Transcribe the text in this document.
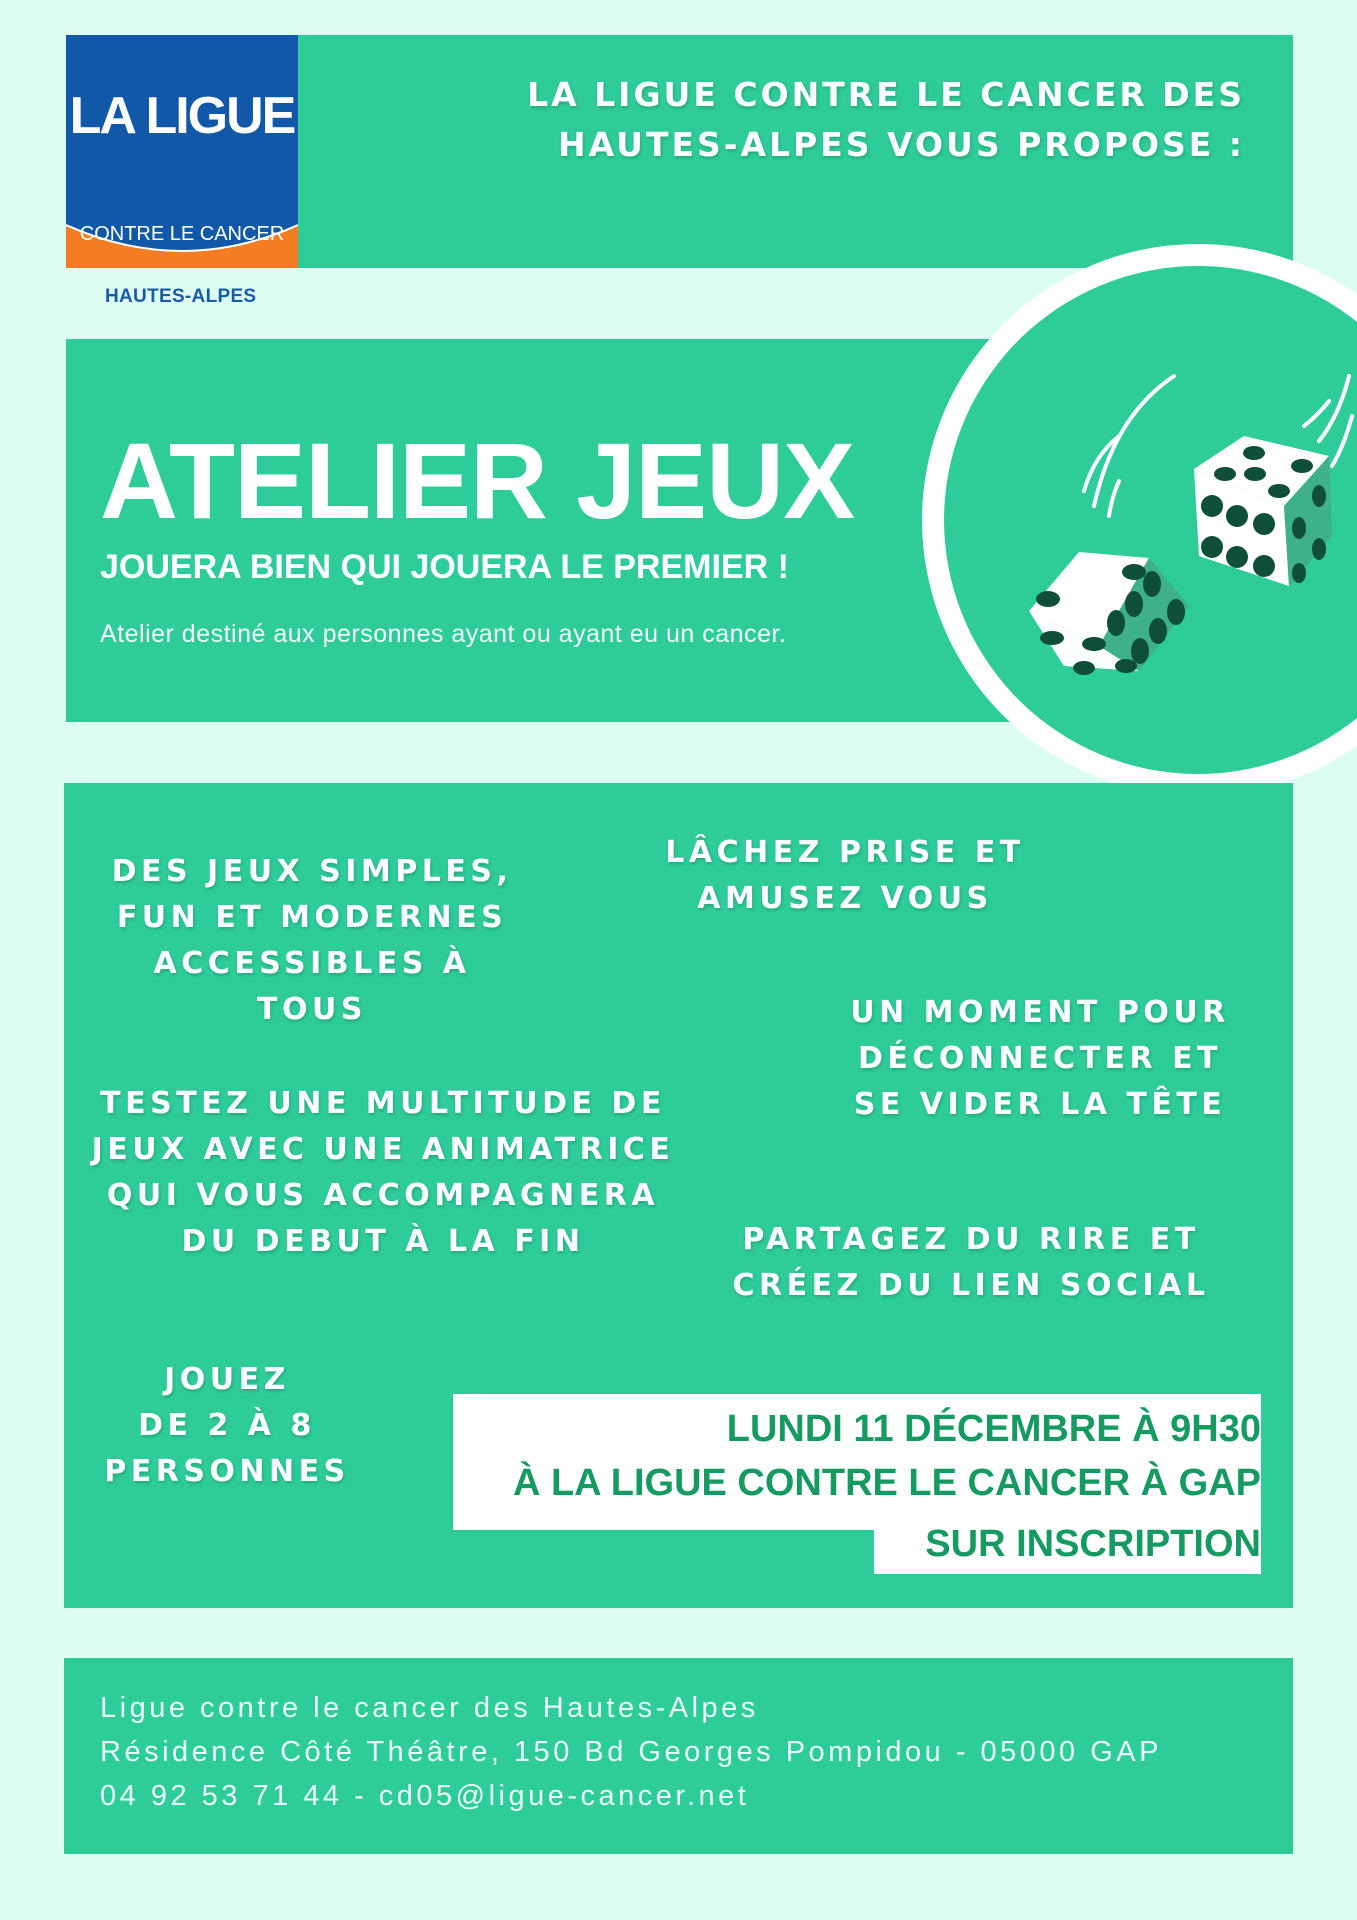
LA LIGUE
CONTRE LE CANCER
HAUTES-ALPES
LA LIGUE CONTRE LE CANCER DES
HAUTES-ALPES VOUS PROPOSE :
ATELIER JEUX
JOUERA BIEN QUI JOUERA LE PREMIER !
Atelier destiné aux personnes ayant ou ayant eu un cancer.
DES JEUX SIMPLES,
FUN ET MODERNES
ACCESSIBLES À TOUS
LÂCHEZ PRISE ET
AMUSEZ VOUS
UN MOMENT POUR
DÉCONNECTER ET
SE VIDER LA TÊTE
TESTEZ UNE MULTITUDE DE
JEUX AVEC UNE ANIMATRICE
QUI VOUS ACCOMPAGNERA
DU DEBUT À LA FIN	PARTAGEZ DU RIRE ET
CRÉEZ DU LIEN SOCIAL
JOUEZ
DE 2 À 8
PERSONNES
LUNDI 11 DÉCEMBRE À 9H30
À LA LIGUE CONTRE LE CANCER À GAP
SUR INSCRIPTION
Ligue contre le cancer des Hautes-Alpes
Résidence Côté Théâtre, 150 Bd Georges Pompidou - 05000 GAP
04 92 53 71 44 - cd05@ligue-cancer.net
